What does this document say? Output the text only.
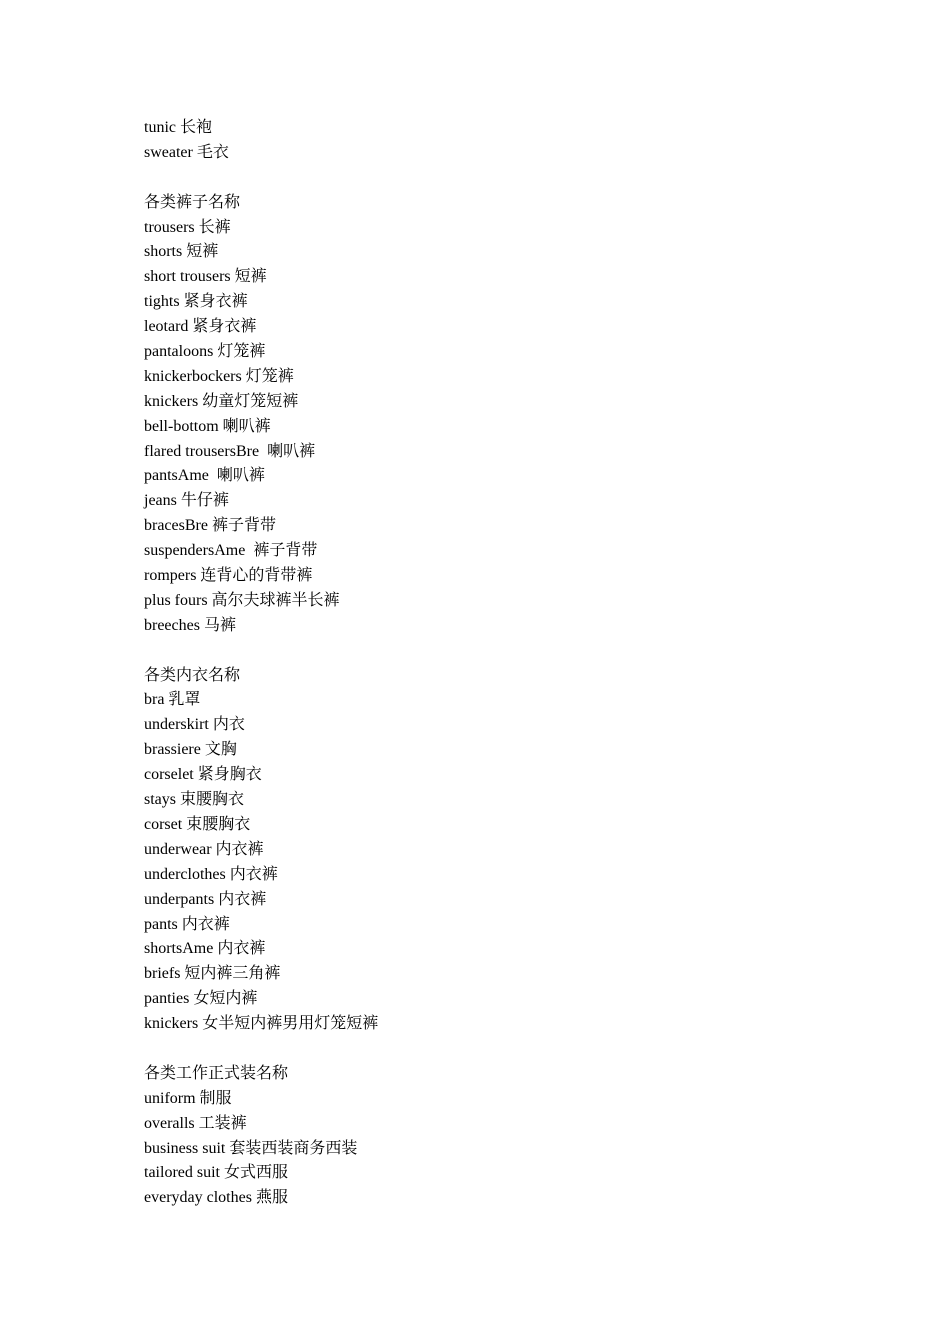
tunic 长袍
sweater 毛衣
各类裤子名称
trousers 长裤
shorts 短裤
short trousers 短裤
tights 紧身衣裤
leotard 紧身衣裤
pantaloons 灯笼裤
knickerbockers 灯笼裤
knickers 幼童灯笼短裤
bell-bottom 喇叭裤
flared trousersBre  喇叭裤
pantsAme  喇叭裤
jeans 牛仔裤
bracesBre 裤子背带
suspendersAme  裤子背带
rompers 连背心的背带裤
plus fours 高尔夫球裤半长裤
breeches 马裤
各类内衣名称
bra 乳罩
underskirt 内衣
brassiere 文胸
corselet 紧身胸衣
stays 束腰胸衣
corset 束腰胸衣
underwear 内衣裤
underclothes 内衣裤
underpants 内衣裤
pants 内衣裤
shortsAme 内衣裤
briefs 短内裤三角裤
panties 女短内裤
knickers 女半短内裤男用灯笼短裤
各类工作正式装名称
uniform 制服
overalls 工装裤
business suit 套装西装商务西装
tailored suit 女式西服
everyday clothes 燕服
